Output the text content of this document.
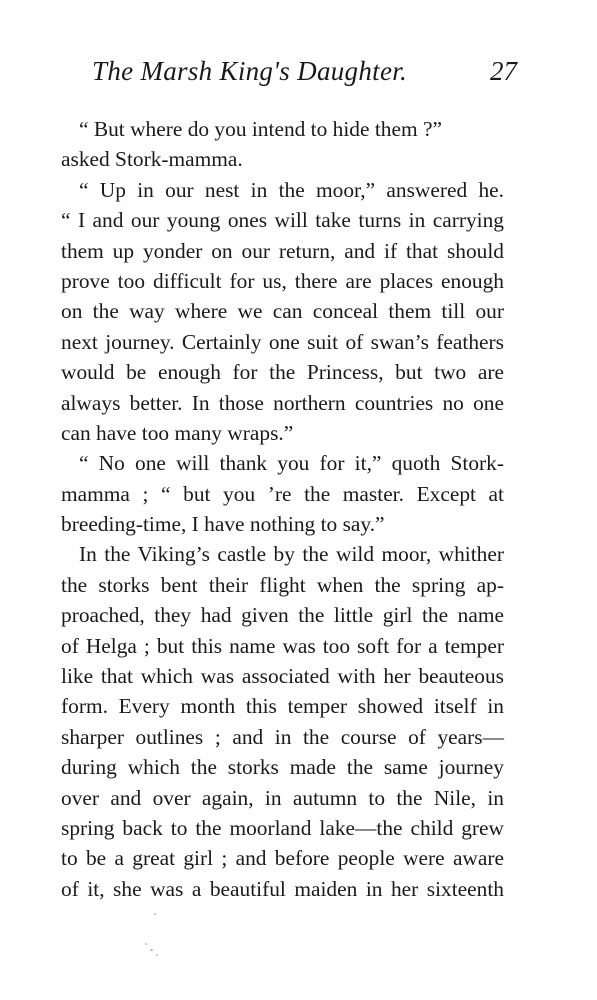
The Marsh King's Daughter.	27
“ But where do you intend to hide them ?”
asked Stork-mamma.
“ Up in our nest in the moor,” answered he.
“ I and our young ones will take turns in carrying
them up yonder on our return, and if that should
prove too difficult for us, there are places enough
on the way where we can conceal them till our
next journey. Certainly one suit of swan’s feathers
would be enough for the Princess, but two are
always better. In those northern countries no one
can have too many wraps.”
“ No one will thank you for it,” quoth Stork-
mamma ; “ but you ’re the master. Except at
breeding-time, I have nothing to say.”
In the Viking’s castle by the wild moor, whither
the storks bent their flight when the spring ap-
proached, they had given the little girl the name
of Helga ; but this name was too soft for a temper
like that which was associated with her beauteous
form. Every month this temper showed itself in
sharper outlines ; and in the course of years—
during which the storks made the same journey
over and over again, in autumn to the Nile, in
spring back to the moorland lake—the child grew
to be a great girl ; and before people were aware
of it, she was a beautiful maiden in her sixteenth
